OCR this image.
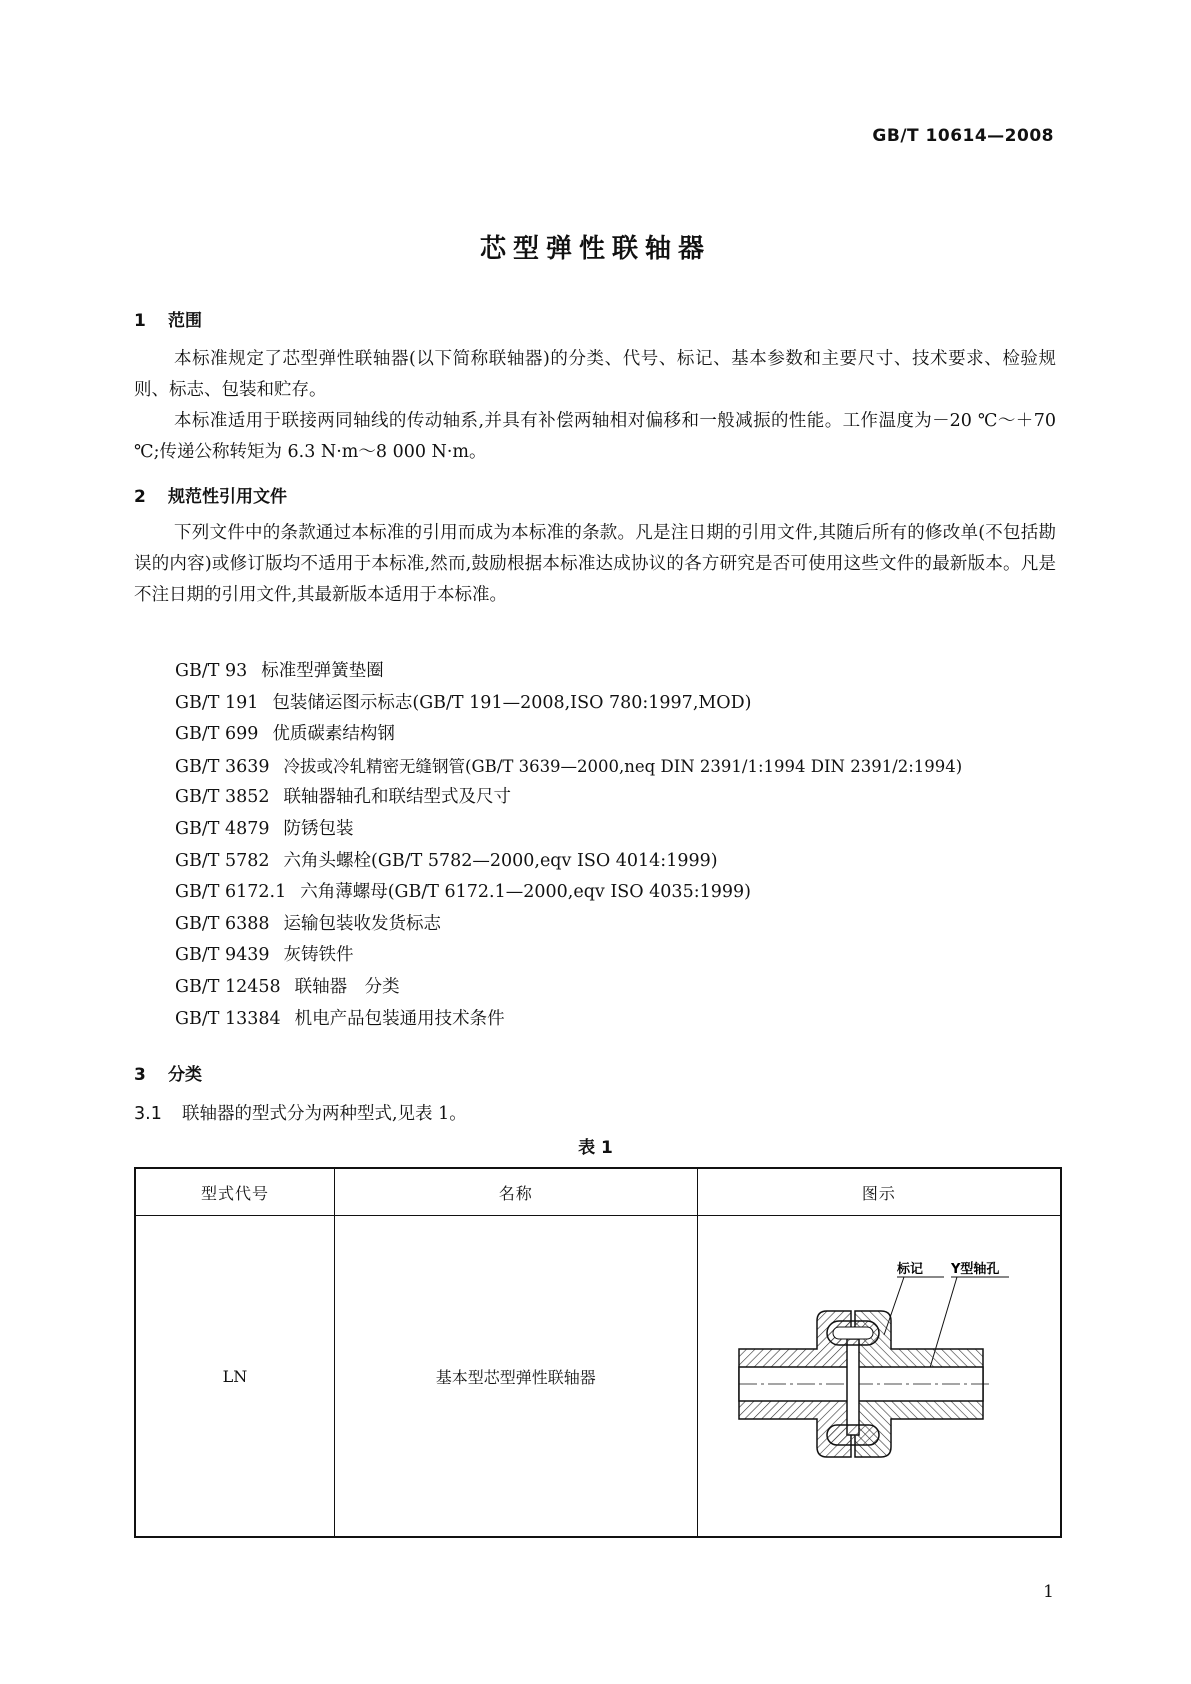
GB/T 10614—2008
芯型弹性联轴器
1 范围

本标准规定了芯型弹性联轴器(以下简称联轴器)的分类、代号、标记、基本参数和主要尺寸、技术要求、检验规则、标志、包装和贮存。

本标准适用于联接两同轴线的传动轴系,并具有补偿两轴相对偏移和一般减振的性能。工作温度为－20 ℃～＋70 ℃;传递公称转矩为 6.3 N·m～8 000 N·m。

2 规范性引用文件

下列文件中的条款通过本标准的引用而成为本标准的条款。凡是注日期的引用文件,其随后所有的修改单(不包括勘误的内容)或修订版均不适用于本标准,然而,鼓励根据本标准达成协议的各方研究是否可使用这些文件的最新版本。凡是不注日期的引用文件,其最新版本适用于本标准。

GB/T 93 标准型弹簧垫圈
GB/T 191 包装储运图示标志(GB/T 191—2008,ISO 780:1997,MOD)
GB/T 699 优质碳素结构钢
GB/T 3639 冷拔或冷轧精密无缝钢管(GB/T 3639—2000,neq DIN 2391/1:1994 DIN 2391/2:1994)
GB/T 3852 联轴器轴孔和联结型式及尺寸
GB/T 4879 防锈包装
GB/T 5782 六角头螺栓(GB/T 5782—2000,eqv ISO 4014:1999)
GB/T 6172.1 六角薄螺母(GB/T 6172.1—2000,eqv ISO 4035:1999)
GB/T 6388 运输包装收发货标志
GB/T 9439 灰铸铁件
GB/T 12458 联轴器　分类
GB/T 13384 机电产品包装通用技术条件
3 分类
3.1 联轴器的型式分为两种型式,见表 1。
表 1
型式代号	名称	图示
LN	基本型芯型弹性联轴器	标记 Y型轴孔
1
